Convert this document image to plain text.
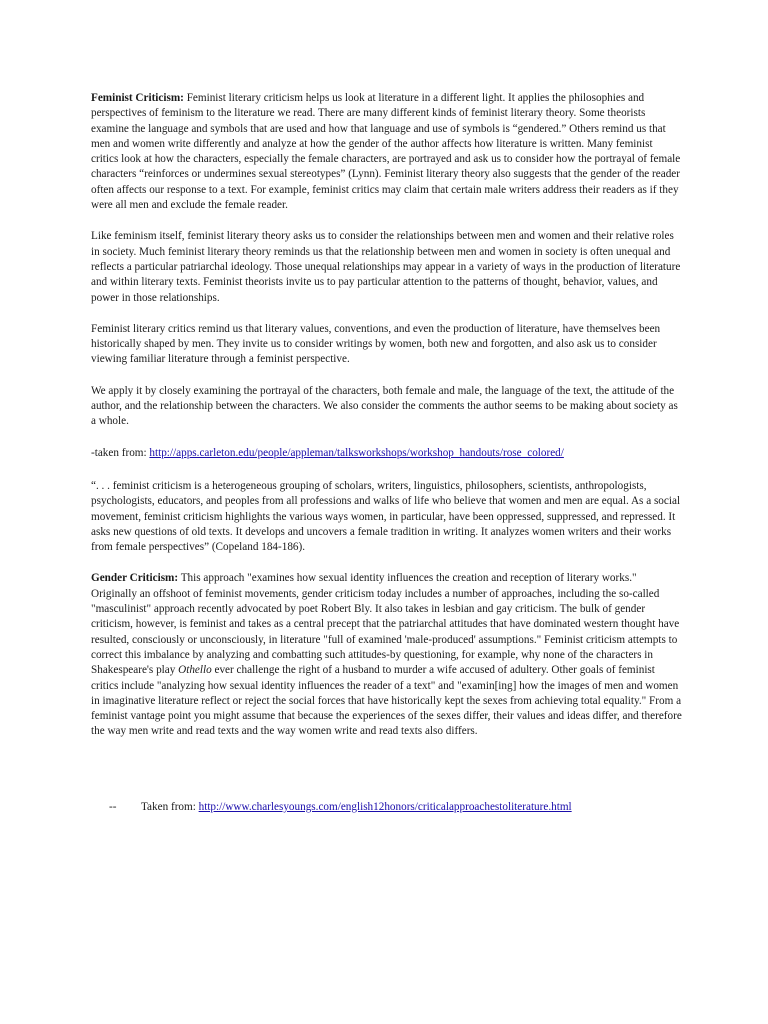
Feminist Criticism: Feminist literary criticism helps us look at literature in a different light. It applies the philosophies and perspectives of feminism to the literature we read. There are many different kinds of feminist literary theory. Some theorists examine the language and symbols that are used and how that language and use of symbols is “gendered.” Others remind us that men and women write differently and analyze at how the gender of the author affects how literature is written. Many feminist critics look at how the characters, especially the female characters, are portrayed and ask us to consider how the portrayal of female characters “reinforces or undermines sexual stereotypes” (Lynn). Feminist literary theory also suggests that the gender of the reader often affects our response to a text. For example, feminist critics may claim that certain male writers address their readers as if they were all men and exclude the female reader.

Like feminism itself, feminist literary theory asks us to consider the relationships between men and women and their relative roles in society. Much feminist literary theory reminds us that the relationship between men and women in society is often unequal and reflects a particular patriarchal ideology. Those unequal relationships may appear in a variety of ways in the production of literature and within literary texts. Feminist theorists invite us to pay particular attention to the patterns of thought, behavior, values, and power in those relationships.

Feminist literary critics remind us that literary values, conventions, and even the production of literature, have themselves been historically shaped by men. They invite us to consider writings by women, both new and forgotten, and also ask us to consider viewing familiar literature through a feminist perspective.

We apply it by closely examining the portrayal of the characters, both female and male, the language of the text, the attitude of the author, and the relationship between the characters. We also consider the comments the author seems to be making about society as a whole.

-taken from: http://apps.carleton.edu/people/appleman/talksworkshops/workshop_handouts/rose_colored/

“. . . feminist criticism is a heterogeneous grouping of scholars, writers, linguistics, philosophers, scientists, anthropologists, psychologists, educators, and peoples from all professions and walks of life who believe that women and men are equal. As a social movement, feminist criticism highlights the various ways women, in particular, have been oppressed, suppressed, and repressed. It asks new questions of old texts. It develops and uncovers a female tradition in writing. It analyzes women writers and their works from female perspectives” (Copeland 184-186).

Gender Criticism: This approach "examines how sexual identity influences the creation and reception of literary works." Originally an offshoot of feminist movements, gender criticism today includes a number of approaches, including the so-called "masculinist" approach recently advocated by poet Robert Bly. It also takes in lesbian and gay criticism. The bulk of gender criticism, however, is feminist and takes as a central precept that the patriarchal attitudes that have dominated western thought have resulted, consciously or unconsciously, in literature "full of examined 'male-produced' assumptions." Feminist criticism attempts to correct this imbalance by analyzing and combatting such attitudes-by questioning, for example, why none of the characters in Shakespeare's play Othello ever challenge the right of a husband to murder a wife accused of adultery. Other goals of feminist critics include "analyzing how sexual identity influences the reader of a text" and "examin[ing] how the images of men and women in imaginative literature reflect or reject the social forces that have historically kept the sexes from achieving total equality." From a feminist vantage point you might assume that because the experiences of the sexes differ, their values and ideas differ, and therefore the way men write and read texts and the way women write and read texts also differs.

-- Taken from: http://www.charlesyoungs.com/english12honors/criticalapproachestoliterature.html
